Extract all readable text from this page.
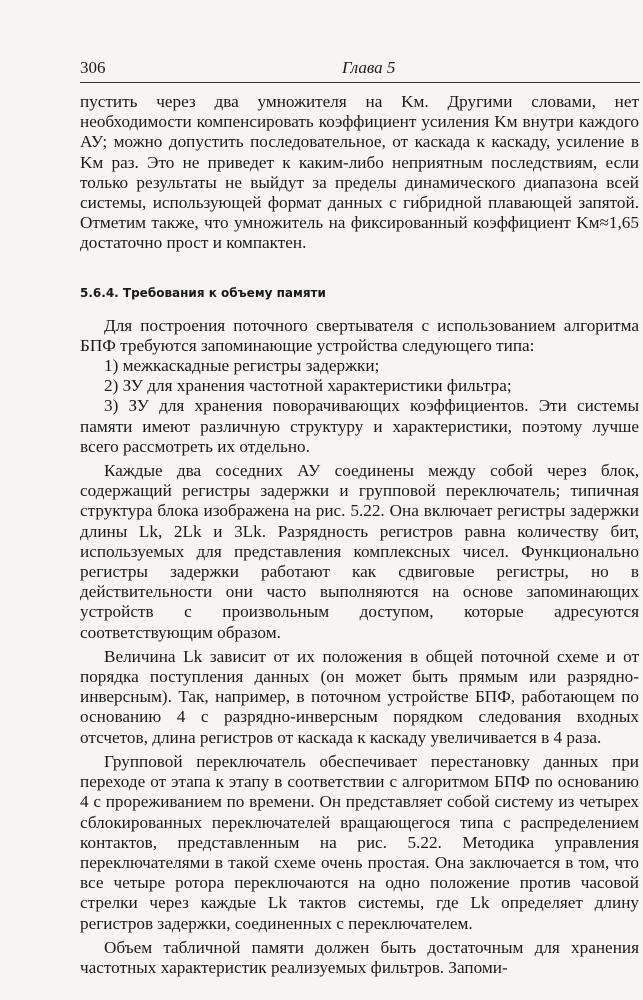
306	Глава 5

пустить через два умножителя на Kм. Другими словами, нет необходимости компенсировать коэффициент усиления Kм внутри каждого АУ; можно допустить последовательное, от каскада к каскаду, усиление в Kм раз. Это не приведет к каким-либо неприятным последствиям, если только результаты не выйдут за пределы динамического диапазона всей системы, использующей формат данных с гибридной плавающей запятой. Отметим также, что умножитель на фиксированный коэффициент Kм≈1,65 достаточно прост и компактен.

5.6.4. Требования к объему памяти

Для построения поточного свертывателя с использованием алгоритма БПФ требуются запоминающие устройства следующего типа:

1) межкаскадные регистры задержки;

2) ЗУ для хранения частотной характеристики фильтра;

3) ЗУ для хранения поворачивающих коэффициентов. Эти системы памяти имеют различную структуру и характеристики, поэтому лучше всего рассмотреть их отдельно.

Каждые два соседних АУ соединены между собой через блок, содержащий регистры задержки и групповой переключатель; типичная структура блока изображена на рис. 5.22. Она включает регистры задержки длины Lk, 2Lk и 3Lk. Разрядность регистров равна количеству бит, используемых для представления комплексных чисел. Функционально регистры задержки работают как сдвиговые регистры, но в действительности они часто выполняются на основе запоминающих устройств с произвольным доступом, которые адресуются соответствующим образом.

Величина Lk зависит от их положения в общей поточной схеме и от порядка поступления данных (он может быть прямым или разрядно-инверсным). Так, например, в поточном устройстве БПФ, работающем по основанию 4 с разрядно-инверсным порядком следования входных отсчетов, длина регистров от каскада к каскаду увеличивается в 4 раза.

Групповой переключатель обеспечивает перестановку данных при переходе от этапа к этапу в соответствии с алгоритмом БПФ по основанию 4 с прореживанием по времени. Он представляет собой систему из четырех сблокированных переключателей вращающегося типа с распределением контактов, представленным на рис. 5.22. Методика управления переключателями в такой схеме очень простая. Она заключается в том, что все четыре ротора переключаются на одно положение против часовой стрелки через каждые Lk тактов системы, где Lk определяет длину регистров задержки, соединенных с переключателем.

Объем табличной памяти должен быть достаточным для хранения частотных характеристик реализуемых фильтров. Запоми-
